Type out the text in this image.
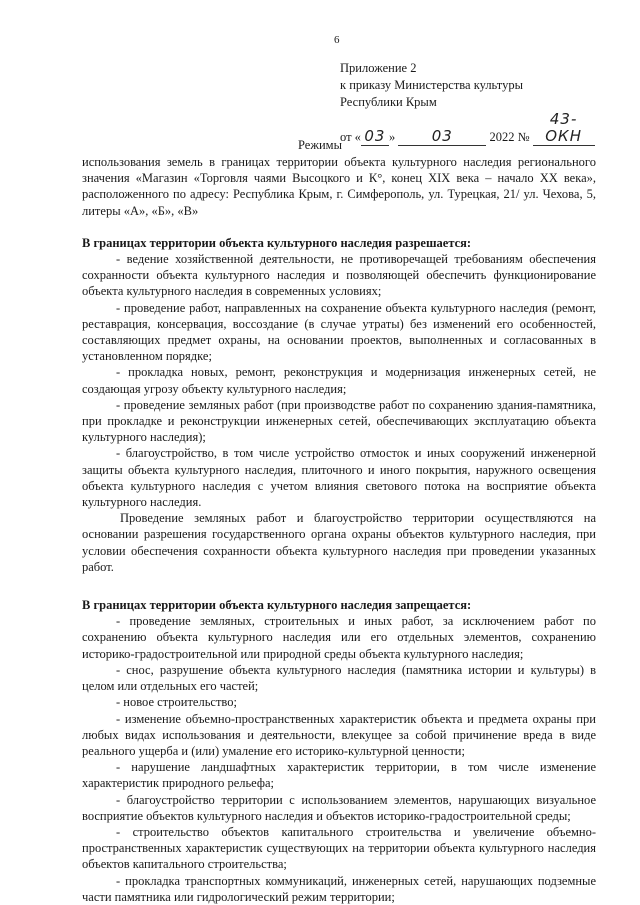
6
Приложение 2
к приказу Министерства культуры
Республики Крым
от « 03 » 03	2022 № 43-ОКН
Режимы

использования земель в границах территории объекта культурного наследия регионального значения «Магазин «Торговля чаями Высоцкого и К°, конец XIX века – начало XX века», расположенного по адресу: Республика Крым, г. Симферополь, ул. Турецкая, 21/ ул. Чехова, 5, литеры «А», «Б», «В»

В границах территории объекта культурного наследия разрешается:

- ведение хозяйственной деятельности, не противоречащей требованиям обеспечения сохранности объекта культурного наследия и позволяющей обеспечить функционирование объекта культурного наследия в современных условиях;

- проведение работ, направленных на сохранение объекта культурного наследия (ремонт, реставрация, консервация, воссоздание (в случае утраты) без изменений его особенностей, составляющих предмет охраны, на основании проектов, выполненных и согласованных в установленном порядке;

- прокладка новых, ремонт, реконструкция и модернизация инженерных сетей, не создающая угрозу объекту культурного наследия;

- проведение земляных работ (при производстве работ по сохранению здания-памятника, при прокладке и реконструкции инженерных сетей, обеспечивающих эксплуатацию объекта культурного наследия);

- благоустройство, в том числе устройство отмосток и иных сооружений инженерной защиты объекта культурного наследия, плиточного и иного покрытия, наружного освещения объекта культурного наследия с учетом влияния светового потока на восприятие объекта культурного наследия.

Проведение земляных работ и благоустройство территории осуществляются на основании разрешения государственного органа охраны объектов культурного наследия, при условии обеспечения сохранности объекта культурного наследия при проведении указанных работ.

В границах территории объекта культурного наследия запрещается:

- проведение земляных, строительных и иных работ, за исключением работ по сохранению объекта культурного наследия или его отдельных элементов, сохранению историко-градостроительной или природной среды объекта культурного наследия;

- снос, разрушение объекта культурного наследия (памятника истории и культуры) в целом или отдельных его частей;

- новое строительство;

- изменение объемно-пространственных характеристик объекта и предмета охраны при любых видах использования и деятельности, влекущее за собой причинение вреда в виде реального ущерба и (или) умаление его историко-культурной ценности;

- нарушение ландшафтных характеристик территории, в том числе изменение характеристик природного рельефа;

- благоустройство территории с использованием элементов, нарушающих визуальное восприятие объектов культурного наследия и объектов историко-градостроительной среды;

- строительство объектов капитального строительства и увеличение объемно-пространственных характеристик существующих на территории объекта культурного наследия объектов капитального строительства;

- прокладка транспортных коммуникаций, инженерных сетей, нарушающих подземные части памятника или гидрологический режим территории;
